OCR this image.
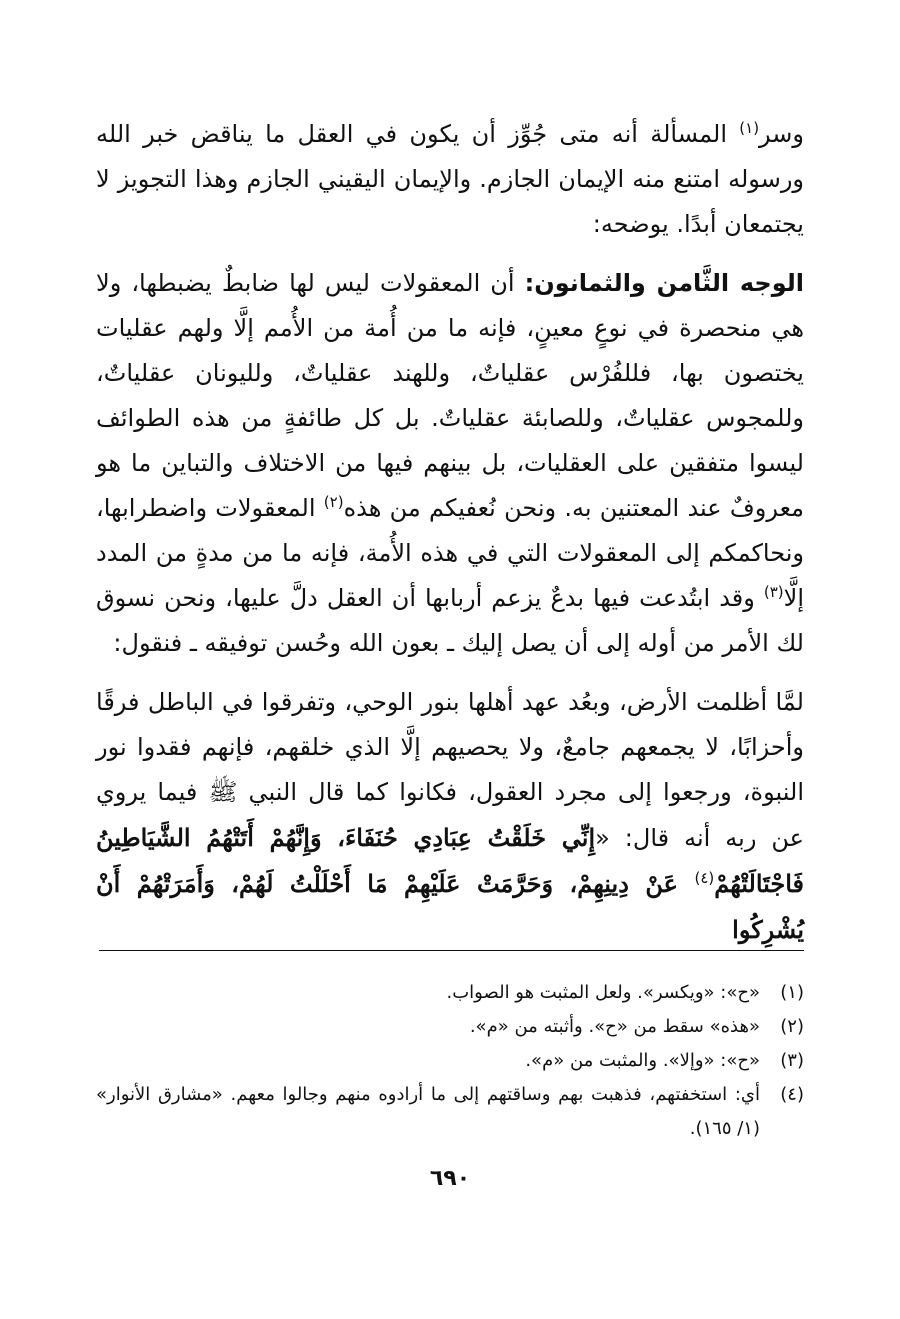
وسر$^{(١)}$ المسألة أنه متى جُوِّز أن يكون في العقل ما يناقض خبر الله ورسوله امتنع منه الإيمان الجازم. والإيمان اليقيني الجازم وهذا التجويز لا يجتمعان أبدًا. يوضحه:

الوجه الثَّامن والثمانون: أن المعقولات ليس لها ضابطٌ يضبطها، ولا هي منحصرة في نوعٍ معينٍ، فإنه ما من أُمة من الأُمم إلَّا ولهم عقليات يختصون بها، فللفُرْس عقلياتٌ، وللهند عقلياتٌ، ولليونان عقلياتٌ، وللمجوس عقلياتٌ، وللصابئة عقلياتٌ. بل كل طائفةٍ من هذه الطوائف ليسوا متفقين على العقليات، بل بينهم فيها من الاختلاف والتباين ما هو معروفٌ عند المعتنين به. ونحن نُعفيكم من هذه$^{(٢)}$ المعقولات واضطرابها، ونحاكمكم إلى المعقولات التي في هذه الأُمة، فإنه ما من مدةٍ من المدد إلَّا$^{(٣)}$ وقد ابتُدعت فيها بدعٌ يزعم أربابها أن العقل دلَّ عليها، ونحن نسوق لك الأمر من أوله إلى أن يصل إليك ـ بعون الله وحُسن توفيقه ـ فنقول:

لمَّا أظلمت الأرض، وبعُد عهد أهلها بنور الوحي، وتفرقوا في الباطل فرقًا وأحزابًا، لا يجمعهم جامعٌ، ولا يحصيهم إلَّا الذي خلقهم، فإنهم فقدوا نور النبوة، ورجعوا إلى مجرد العقول، فكانوا كما قال النبي ﷺ فيما يروي عن ربه أنه قال: «إِنِّي خَلَقْتُ عِبَادِي حُنَفَاءَ، وَإِنَّهُمْ أَتَتْهُمُ الشَّيَاطِينُ فَاجْتَالَتْهُمْ$^{(٤)}$ عَنْ دِينِهِمْ، وَحَرَّمَتْ عَلَيْهِمْ مَا أَحْلَلْتُ لَهُمْ، وَأَمَرَتْهُمْ أَنْ يُشْرِكُوا

(١)
«ح»: «ويكسر». ولعل المثبت هو الصواب.
(٢)
«هذه» سقط من «ح». وأثبته من «م».
(٣)
«ح»: «وإلا». والمثبت من «م».
(٤)
أي: استخفتهم، فذهبت بهم وساقتهم إلى ما أرادوه منهم وجالوا معهم. «مشارق الأنوار» (١/ ١٦٥).
٦٩٠
